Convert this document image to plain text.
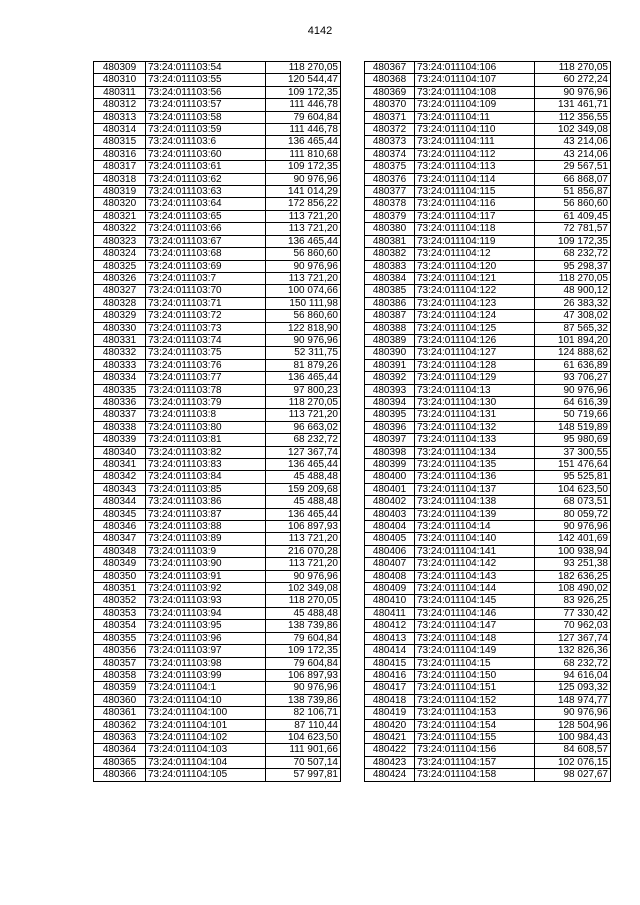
4142
480309	73:24:011103:54	118 270,05
480310	73:24:011103:55	120 544,47
480311	73:24:011103:56	109 172,35
480312	73:24:011103:57	111 446,78
480313	73:24:011103:58	79 604,84
480314	73:24:011103:59	111 446,78
480315	73:24:011103:6	136 465,44
480316	73:24:011103:60	111 810,68
480317	73:24:011103:61	109 172,35
480318	73:24:011103:62	90 976,96
480319	73:24:011103:63	141 014,29
480320	73:24:011103:64	172 856,22
480321	73:24:011103:65	113 721,20
480322	73:24:011103:66	113 721,20
480323	73:24:011103:67	136 465,44
480324	73:24:011103:68	56 860,60
480325	73:24:011103:69	90 976,96
480326	73:24:011103:7	113 721,20
480327	73:24:011103:70	100 074,66
480328	73:24:011103:71	150 111,98
480329	73:24:011103:72	56 860,60
480330	73:24:011103:73	122 818,90
480331	73:24:011103:74	90 976,96
480332	73:24:011103:75	52 311,75
480333	73:24:011103:76	81 879,26
480334	73:24:011103:77	136 465,44
480335	73:24:011103:78	97 800,23
480336	73:24:011103:79	118 270,05
480337	73:24:011103:8	113 721,20
480338	73:24:011103:80	96 663,02
480339	73:24:011103:81	68 232,72
480340	73:24:011103:82	127 367,74
480341	73:24:011103:83	136 465,44
480342	73:24:011103:84	45 488,48
480343	73:24:011103:85	159 209,68
480344	73:24:011103:86	45 488,48
480345	73:24:011103:87	136 465,44
480346	73:24:011103:88	106 897,93
480347	73:24:011103:89	113 721,20
480348	73:24:011103:9	216 070,28
480349	73:24:011103:90	113 721,20
480350	73:24:011103:91	90 976,96
480351	73:24:011103:92	102 349,08
480352	73:24:011103:93	118 270,05
480353	73:24:011103:94	45 488,48
480354	73:24:011103:95	138 739,86
480355	73:24:011103:96	79 604,84
480356	73:24:011103:97	109 172,35
480357	73:24:011103:98	79 604,84
480358	73:24:011103:99	106 897,93
480359	73:24:011104:1	90 976,96
480360	73:24:011104:10	138 739,86
480361	73:24:011104:100	82 106,71
480362	73:24:011104:101	87 110,44
480363	73:24:011104:102	104 623,50
480364	73:24:011104:103	111 901,66
480365	73:24:011104:104	70 507,14
480366	73:24:011104:105	57 997,81
480367	73:24:011104:106	118 270,05
480368	73:24:011104:107	60 272,24
480369	73:24:011104:108	90 976,96
480370	73:24:011104:109	131 461,71
480371	73:24:011104:11	112 356,55
480372	73:24:011104:110	102 349,08
480373	73:24:011104:111	43 214,06
480374	73:24:011104:112	43 214,06
480375	73:24:011104:113	29 567,51
480376	73:24:011104:114	66 868,07
480377	73:24:011104:115	51 856,87
480378	73:24:011104:116	56 860,60
480379	73:24:011104:117	61 409,45
480380	73:24:011104:118	72 781,57
480381	73:24:011104:119	109 172,35
480382	73:24:011104:12	68 232,72
480383	73:24:011104:120	95 298,37
480384	73:24:011104:121	118 270,05
480385	73:24:011104:122	48 900,12
480386	73:24:011104:123	26 383,32
480387	73:24:011104:124	47 308,02
480388	73:24:011104:125	87 565,32
480389	73:24:011104:126	101 894,20
480390	73:24:011104:127	124 888,62
480391	73:24:011104:128	61 636,89
480392	73:24:011104:129	93 706,27
480393	73:24:011104:13	90 976,96
480394	73:24:011104:130	64 616,39
480395	73:24:011104:131	50 719,66
480396	73:24:011104:132	148 519,89
480397	73:24:011104:133	95 980,69
480398	73:24:011104:134	37 300,55
480399	73:24:011104:135	151 476,64
480400	73:24:011104:136	95 525,81
480401	73:24:011104:137	104 623,50
480402	73:24:011104:138	68 073,51
480403	73:24:011104:139	80 059,72
480404	73:24:011104:14	90 976,96
480405	73:24:011104:140	142 401,69
480406	73:24:011104:141	100 938,94
480407	73:24:011104:142	93 251,38
480408	73:24:011104:143	182 636,25
480409	73:24:011104:144	108 490,02
480410	73:24:011104:145	83 926,25
480411	73:24:011104:146	77 330,42
480412	73:24:011104:147	70 962,03
480413	73:24:011104:148	127 367,74
480414	73:24:011104:149	132 826,36
480415	73:24:011104:15	68 232,72
480416	73:24:011104:150	94 616,04
480417	73:24:011104:151	125 093,32
480418	73:24:011104:152	148 974,77
480419	73:24:011104:153	90 976,96
480420	73:24:011104:154	128 504,96
480421	73:24:011104:155	100 984,43
480422	73:24:011104:156	84 608,57
480423	73:24:011104:157	102 076,15
480424	73:24:011104:158	98 027,67
